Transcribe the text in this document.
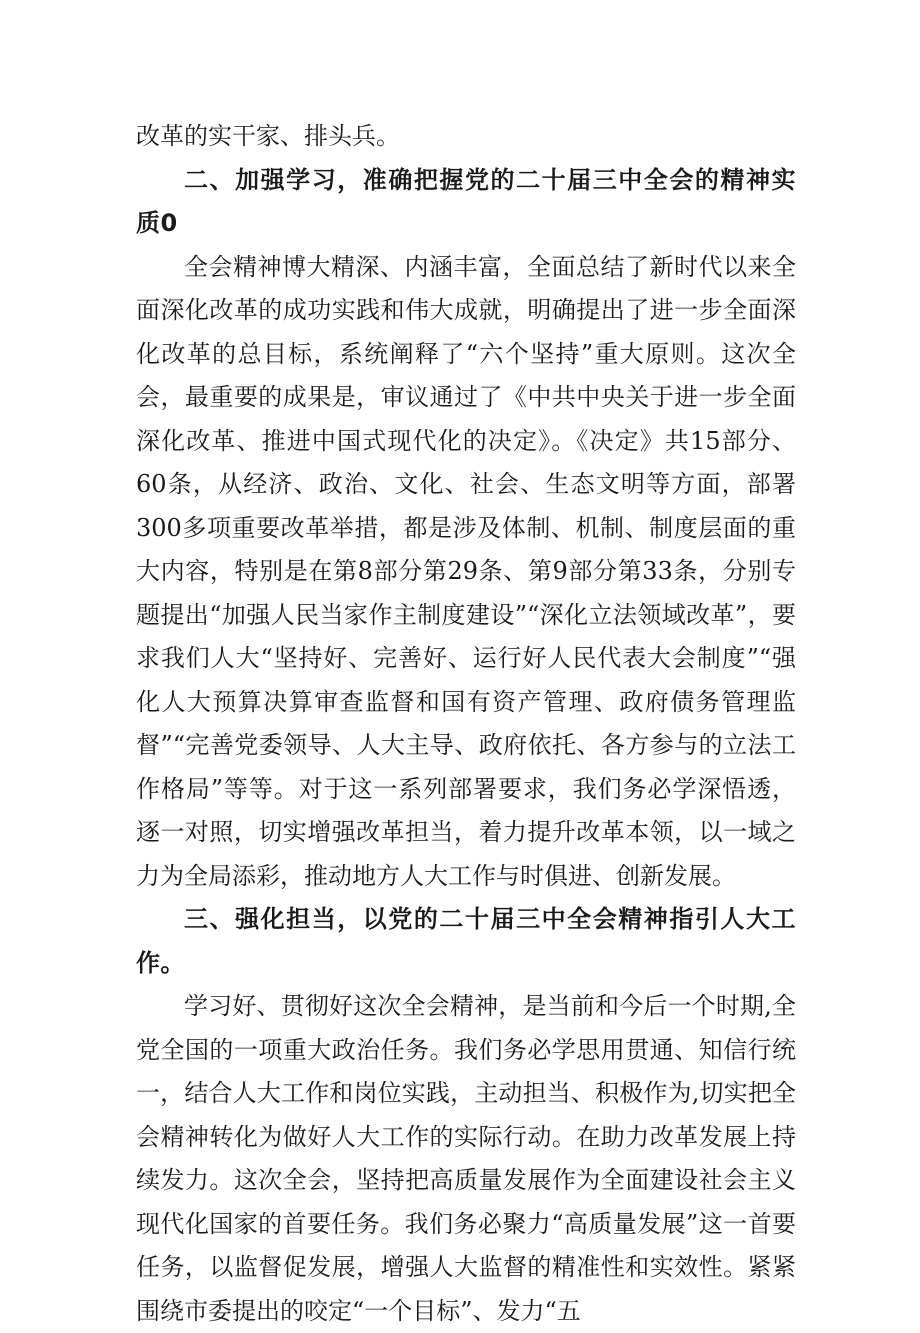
改革的实干家、排头兵。

二、加强学习，准确把握党的二十届三中全会的精神实质0

全会精神博大精深、内涵丰富，全面总结了新时代以来全面深化改革的成功实践和伟大成就，明确提出了进一步全面深化改革的总目标，系统阐释了“六个坚持”重大原则。这次全会，最重要的成果是，审议通过了《中共中央关于进一步全面深化改革、推进中国式现代化的决定》。《决定》共15部分、60条，从经济、政治、文化、社会、生态文明等方面，部署300多项重要改革举措，都是涉及体制、机制、制度层面的重大内容，特别是在第8部分第29条、第9部分第33条，分别专题提出“加强人民当家作主制度建设”“深化立法领域改革”，要求我们人大“坚持好、完善好、运行好人民代表大会制度”“强化人大预算决算审查监督和国有资产管理、政府债务管理监督”“完善党委领导、人大主导、政府依托、各方参与的立法工作格局”等等。对于这一系列部署要求，我们务必学深悟透，逐一对照，切实增强改革担当，着力提升改革本领，以一域之力为全局添彩，推动地方人大工作与时俱进、创新发展。

三、强化担当，以党的二十届三中全会精神指引人大工作。

学习好、贯彻好这次全会精神，是当前和今后一个时期,全党全国的一项重大政治任务。我们务必学思用贯通、知信行统一，结合人大工作和岗位实践，主动担当、积极作为,切实把全会精神转化为做好人大工作的实际行动。在助力改革发展上持续发力。这次全会，坚持把高质量发展作为全面建设社会主义现代化国家的首要任务。我们务必聚力“高质量发展”这一首要任务，以监督促发展，增强人大监督的精准性和实效性。紧紧围绕市委提出的咬定“一个目标”、发力“五
